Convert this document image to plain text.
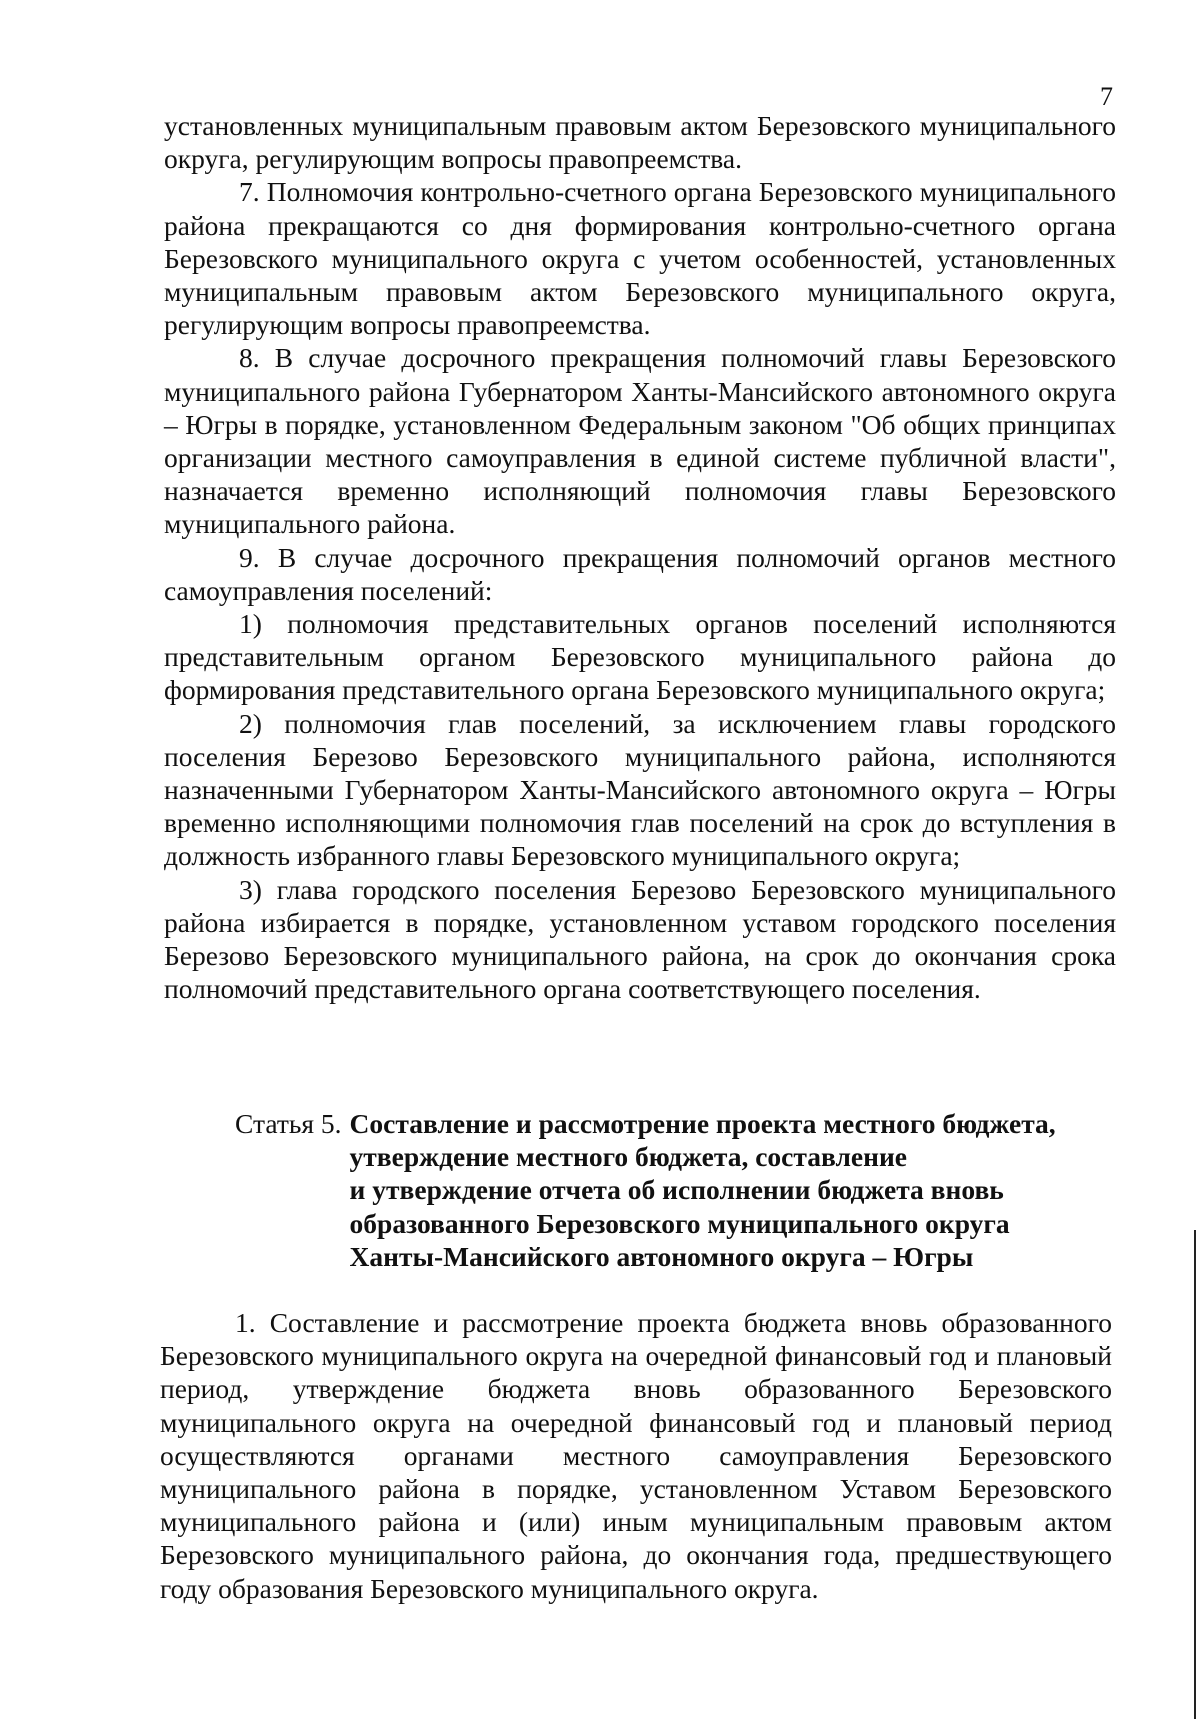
7

установленных муниципальным правовым актом Березовского муниципального округа, регулирующим вопросы правопреемства.

7. Полномочия контрольно-счетного органа Березовского муниципального района прекращаются со дня формирования контрольно-счетного органа Березовского муниципального округа с учетом особенностей, установленных муниципальным правовым актом Березовского муниципального округа, регулирующим вопросы правопреемства.

8. В случае досрочного прекращения полномочий главы Березовского муниципального района Губернатором Ханты-Мансийского автономного округа – Югры в порядке, установленном Федеральным законом "Об общих принципах организации местного самоуправления в единой системе публичной власти", назначается временно исполняющий полномочия главы Березовского муниципального района.

9. В случае досрочного прекращения полномочий органов местного самоуправления поселений:

1) полномочия представительных органов поселений исполняются представительным органом Березовского муниципального района до формирования представительного органа Березовского муниципального округа;

2) полномочия глав поселений, за исключением главы городского поселения Березово Березовского муниципального района, исполняются назначенными Губернатором Ханты-Мансийского автономного округа – Югры временно исполняющими полномочия глав поселений на срок до вступления в должность избранного главы Березовского муниципального округа;

3) глава городского поселения Березово Березовского муниципального района избирается в порядке, установленном уставом городского поселения Березово Березовского муниципального района, на срок до окончания срока полномочий представительного органа соответствующего поселения.

Статья 5. Составление и рассмотрение проекта местного бюджета,
утверждение местного бюджета, составление
и утверждение отчета об исполнении бюджета вновь
образованного Березовского муниципального округа
Ханты-Мансийского автономного округа – Югры

1. Составление и рассмотрение проекта бюджета вновь образованного Березовского муниципального округа на очередной финансовый год и плановый период, утверждение бюджета вновь образованного Березовского муниципального округа на очередной финансовый год и плановый период осуществляются органами местного самоуправления Березовского муниципального района в порядке, установленном Уставом Березовского муниципального района и (или) иным муниципальным правовым актом Березовского муниципального района, до окончания года, предшествующего году образования Березовского муниципального округа.
